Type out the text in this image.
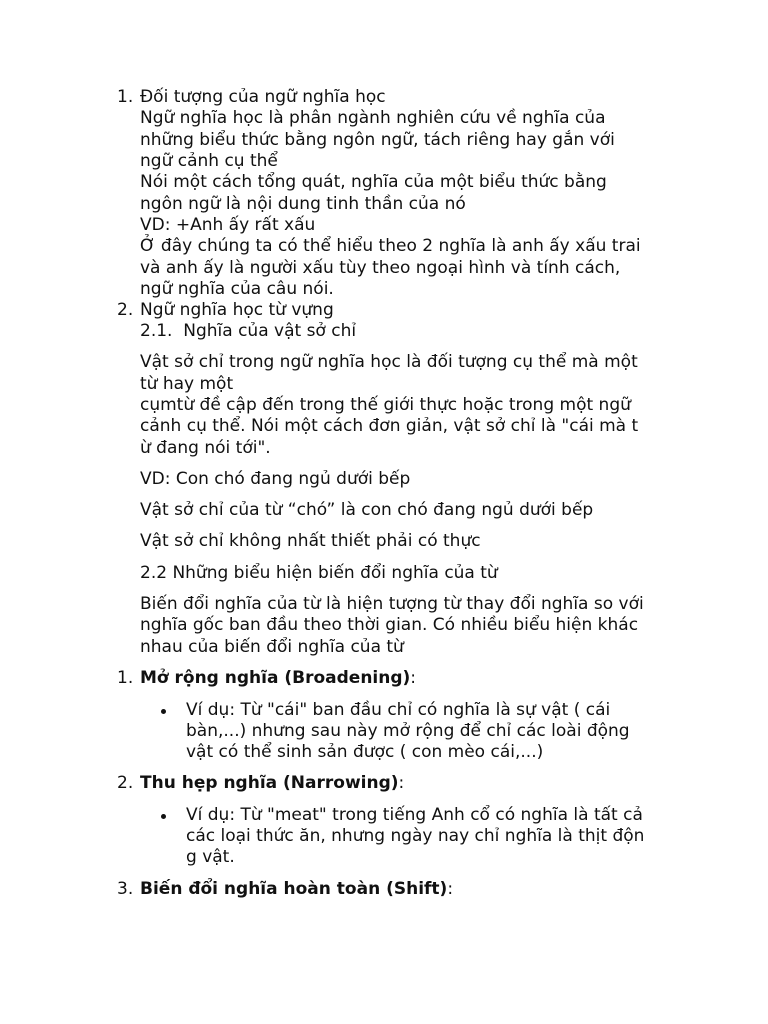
1. Đối tượng của ngữ nghĩa học
Ngữ nghĩa học là phân ngành nghiên cứu về nghĩa của
những biểu thức bằng ngôn ngữ, tách riêng hay gắn với
ngữ cảnh cụ thể
Nói một cách tổng quát, nghĩa của một biểu thức bằng
ngôn ngữ là nội dung tinh thần của nó
VD: +Anh ấy rất xấu
Ở đây chúng ta có thể hiểu theo 2 nghĩa là anh ấy xấu trai
và anh ấy là người xấu tùy theo ngoại hình và tính cách,
ngữ nghĩa của câu nói.
2. Ngữ nghĩa học từ vựng
2.1.  Nghĩa của vật sở chỉ
Vật sở chỉ trong ngữ nghĩa học là đối tượng cụ thể mà một
từ hay một
cụmtừ đề cập đến trong thế giới thực hoặc trong một ngữ
cảnh cụ thể. Nói một cách đơn giản, vật sở chỉ là "cái mà t
ừ đang nói tới".
VD: Con chó đang ngủ dưới bếp
Vật sở chỉ của từ “chó” là con chó đang ngủ dưới bếp
Vật sở chỉ không nhất thiết phải có thực
2.2 Những biểu hiện biến đổi nghĩa của từ
Biến đổi nghĩa của từ là hiện tượng từ thay đổi nghĩa so với
nghĩa gốc ban đầu theo thời gian. Có nhiều biểu hiện khác
nhau của biến đổi nghĩa của từ
1. Mở rộng nghĩa (Broadening):
Ví dụ: Từ "cái" ban đầu chỉ có nghĩa là sự vật ( cái
bàn,...) nhưng sau này mở rộng để chỉ các loài động
vật có thể sinh sản được ( con mèo cái,...)
2. Thu hẹp nghĩa (Narrowing):
Ví dụ: Từ "meat" trong tiếng Anh cổ có nghĩa là tất cả
các loại thức ăn, nhưng ngày nay chỉ nghĩa là thịt độn
g vật.
3. Biến đổi nghĩa hoàn toàn (Shift):
